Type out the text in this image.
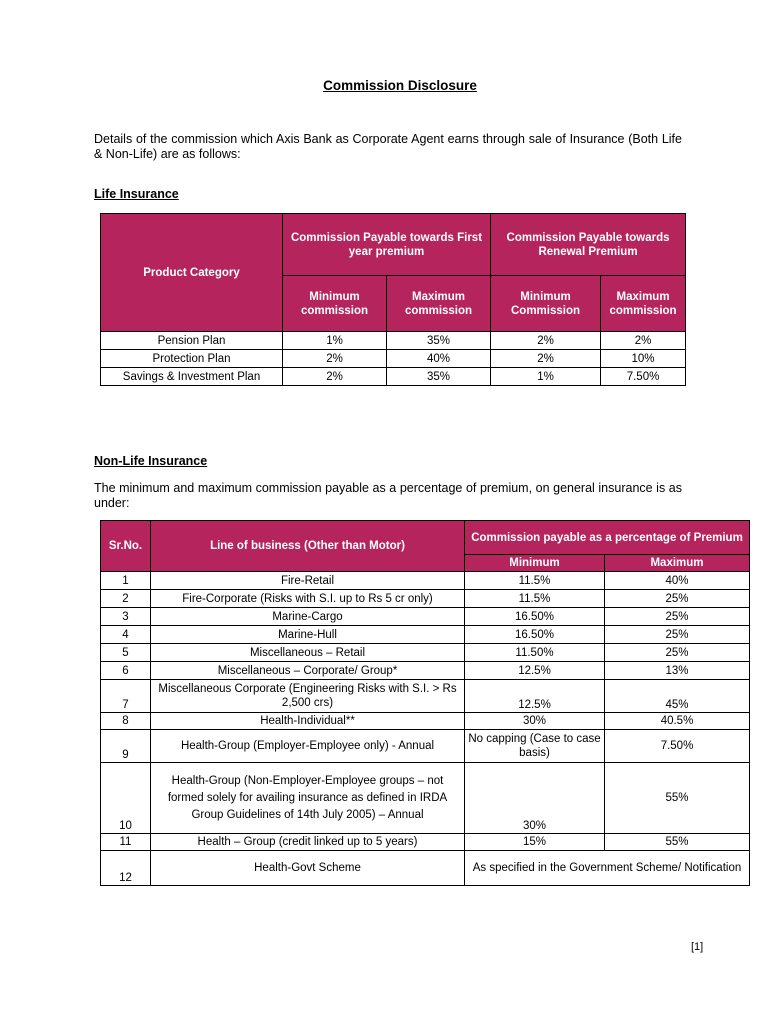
Commission Disclosure
Details of the commission which Axis Bank as Corporate Agent earns through sale of Insurance (Both Life & Non-Life) are as follows:
Life Insurance
Product Category	Commission Payable towards First year premium		Commission Payable towards Renewal Premium	
	Minimum commission	Maximum commission	Minimum Commission	Maximum commission
Pension Plan	1%	35%	2%	2%
Protection Plan	2%	40%	2%	10%
Savings & Investment Plan	2%	35%	1%	7.50%
Non-Life Insurance
The minimum and maximum commission payable as a percentage of premium, on general insurance is as under:
Sr.No.	Line of business (Other than Motor)	Commission payable as a percentage of Premium	
		Minimum	Maximum
1	Fire-Retail	11.5%	40%
2	Fire-Corporate (Risks with S.I. up to Rs 5 cr only)	11.5%	25%
3	Marine-Cargo	16.50%	25%
4	Marine-Hull	16.50%	25%
5	Miscellaneous – Retail	11.50%	25%
6	Miscellaneous – Corporate/ Group*	12.5%	13%
7	Miscellaneous Corporate (Engineering Risks with S.I. > Rs 2,500 crs)	12.5%	45%
8	Health-Individual**	30%	40.5%
9	Health-Group (Employer-Employee only) - Annual	No capping (Case to case basis)	7.50%
10	Health-Group (Non-Employer-Employee groups – not formed solely for availing insurance as defined in IRDA Group Guidelines of 14th July 2005) – Annual	30%	55%
11	Health – Group (credit linked up to 5 years)	15%	55%
12	Health-Govt Scheme	As specified in the Government Scheme/ Notification	
[1]
